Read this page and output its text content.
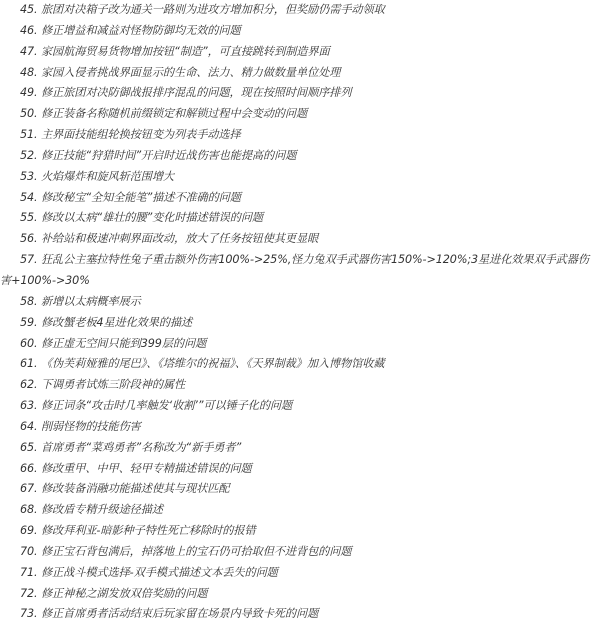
45. 旅团对决箱子改为通关一路则为进攻方增加积分，但奖励仍需手动领取
46. 修正增益和减益对怪物防御均无效的问题
47. 家园航海贸易货物增加按钮“制造”，可直接跳转到制造界面
48. 家园入侵者挑战界面显示的生命、法力、精力做数量单位处理
49. 修正旅团对决防御战报排序混乱的问题，现在按照时间顺序排列
50. 修正装备名称随机前缀锁定和解锁过程中会变动的问题
51. 主界面技能组轮换按钮变为列表手动选择
52. 修正技能“狩猎时间”开启时近战伤害也能提高的问题
53. 火焰爆炸和旋风斩范围增大
54. 修改秘宝“全知全能笔”描述不准确的问题
55. 修改以太病“雄壮的腰”变化时描述错误的问题
56. 补给站和极速冲刺界面改动，放大了任务按钮使其更显眼
57. 狂乱公主塞拉特性兔子重击额外伤害100%->25%,怪力兔双手武器伤害150%->120%;3星进化效果双手武器伤害+100%->30%
58. 新增以太病概率展示
59. 修改蟹老板4星进化效果的描述
60. 修正虚无空间只能到399层的问题
61. 《伪芙莉娅雅的尾巴》、《塔维尔的祝福》、《天界制裁》加入博物馆收藏
62. 下调勇者试炼三阶段神的属性
63. 修正词条“攻击时几率触发‘收割’”可以锤子化的问题
64. 削弱怪物的技能伤害
65. 首席勇者“菜鸡勇者”名称改为“新手勇者”
66. 修改重甲、中甲、轻甲专精描述错误的问题
67. 修改装备消融功能描述使其与现状匹配
68. 修改盾专精升级途径描述
69. 修改拜利亚-暗影种子特性死亡移除时的报错
70. 修正宝石背包满后，掉落地上的宝石仍可拾取但不进背包的问题
71. 修正战斗模式选择-双手模式描述文本丢失的问题
72. 修正神秘之湖发放双倍奖励的问题
73. 修正首席勇者活动结束后玩家留在场景内导致卡死的问题
